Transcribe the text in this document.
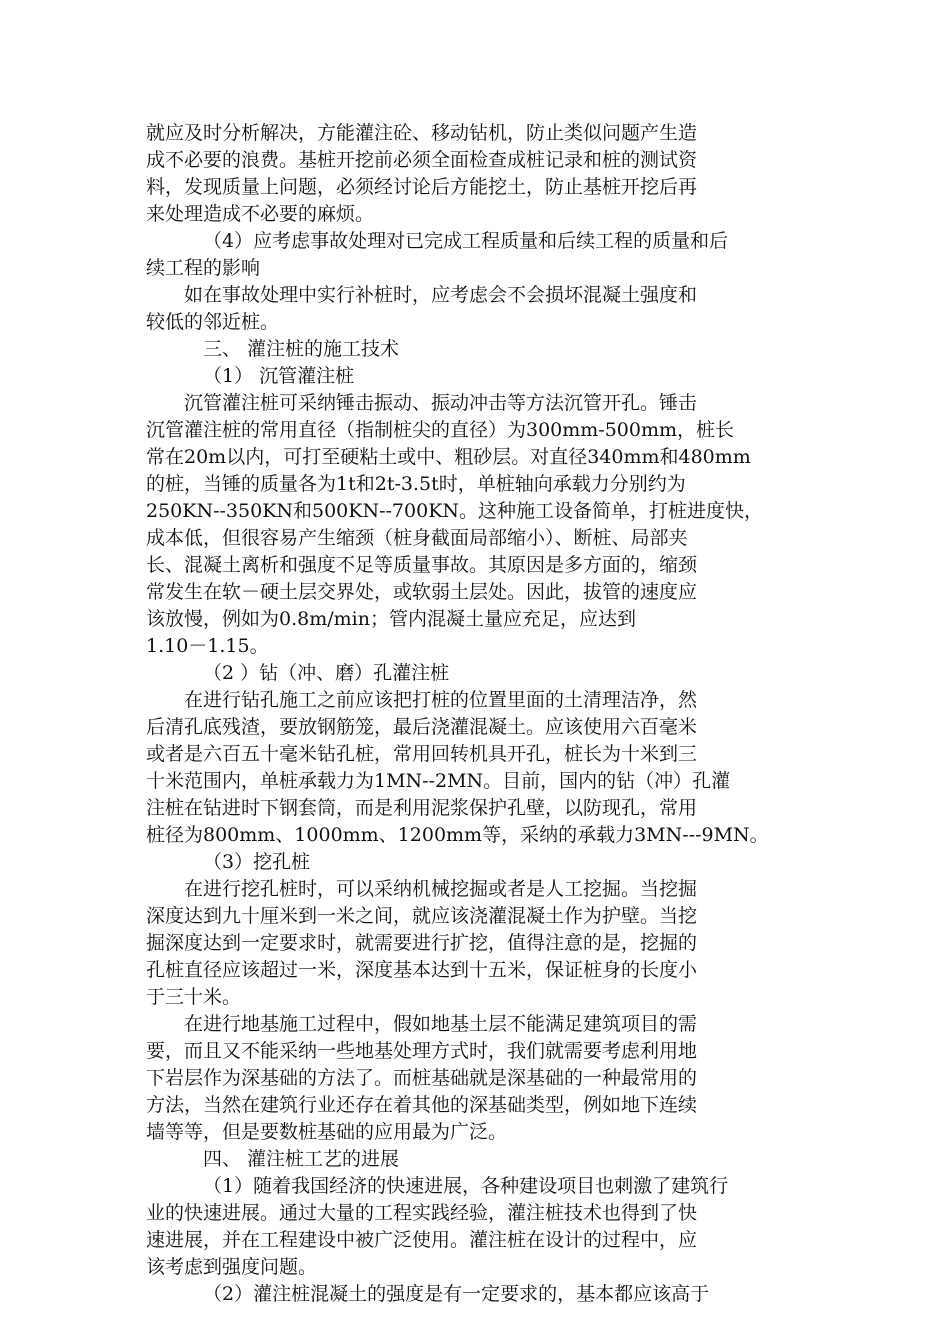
就应及时分析解决，方能灌注砼、移动钻机，防止类似问题产生造
成不必要的浪费。基桩开挖前必须全面检查成桩记录和桩的测试资
料，发现质量上问题，必须经讨论后方能挖土，防止基桩开挖后再
来处理造成不必要的麻烦。
（4）应考虑事故处理对已完成工程质量和后续工程的质量和后
续工程的影响
如在事故处理中实行补桩时，应考虑会不会损坏混凝土强度和
较低的邻近桩。
三、 灌注桩的施工技术
（1） 沉管灌注桩
沉管灌注桩可采纳锤击振动、振动冲击等方法沉管开孔。锤击
沉管灌注桩的常用直径（指制桩尖的直径）为300mm-500mm，桩长
常在20m以内，可打至硬粘土或中、粗砂层。对直径340mm和480mm
的桩，当锤的质量各为1t和2t-3.5t时，单桩轴向承载力分别约为
250KN--350KN和500KN--700KN。这种施工设备简单，打桩进度快，
成本低，但很容易产生缩颈（桩身截面局部缩小）、断桩、局部夹
长、混凝土离析和强度不足等质量事故。其原因是多方面的，缩颈
常发生在软－硬土层交界处，或软弱土层处。因此，拔管的速度应
该放慢，例如为0.8m/min；管内混凝土量应充足，应达到
1.10－1.15。
（2 ）钻（冲、磨）孔灌注桩
在进行钻孔施工之前应该把打桩的位置里面的土清理洁净，然
后清孔底残渣，要放钢筋笼，最后浇灌混凝土。应该使用六百毫米
或者是六百五十毫米钻孔桩，常用回转机具开孔，桩长为十米到三
十米范围内，单桩承载力为1MN--2MN。目前，国内的钻（冲）孔灌
注桩在钻进时下钢套筒，而是利用泥浆保护孔壁，以防现孔，常用
桩径为800mm、1000mm、1200mm等，采纳的承载力3MN---9MN。
（3）挖孔桩
在进行挖孔桩时，可以采纳机械挖掘或者是人工挖掘。当挖掘
深度达到九十厘米到一米之间，就应该浇灌混凝土作为护壁。当挖
掘深度达到一定要求时，就需要进行扩挖，值得注意的是，挖掘的
孔桩直径应该超过一米，深度基本达到十五米，保证桩身的长度小
于三十米。
在进行地基施工过程中，假如地基土层不能满足建筑项目的需
要，而且又不能采纳一些地基处理方式时，我们就需要考虑利用地
下岩层作为深基础的方法了。而桩基础就是深基础的一种最常用的
方法，当然在建筑行业还存在着其他的深基础类型，例如地下连续
墙等等，但是要数桩基础的应用最为广泛。
四、 灌注桩工艺的进展
（1）随着我国经济的快速进展，各种建设项目也刺激了建筑行
业的快速进展。通过大量的工程实践经验，灌注桩技术也得到了快
速进展，并在工程建设中被广泛使用。灌注桩在设计的过程中，应
该考虑到强度问题。
（2）灌注桩混凝土的强度是有一定要求的，基本都应该高于
